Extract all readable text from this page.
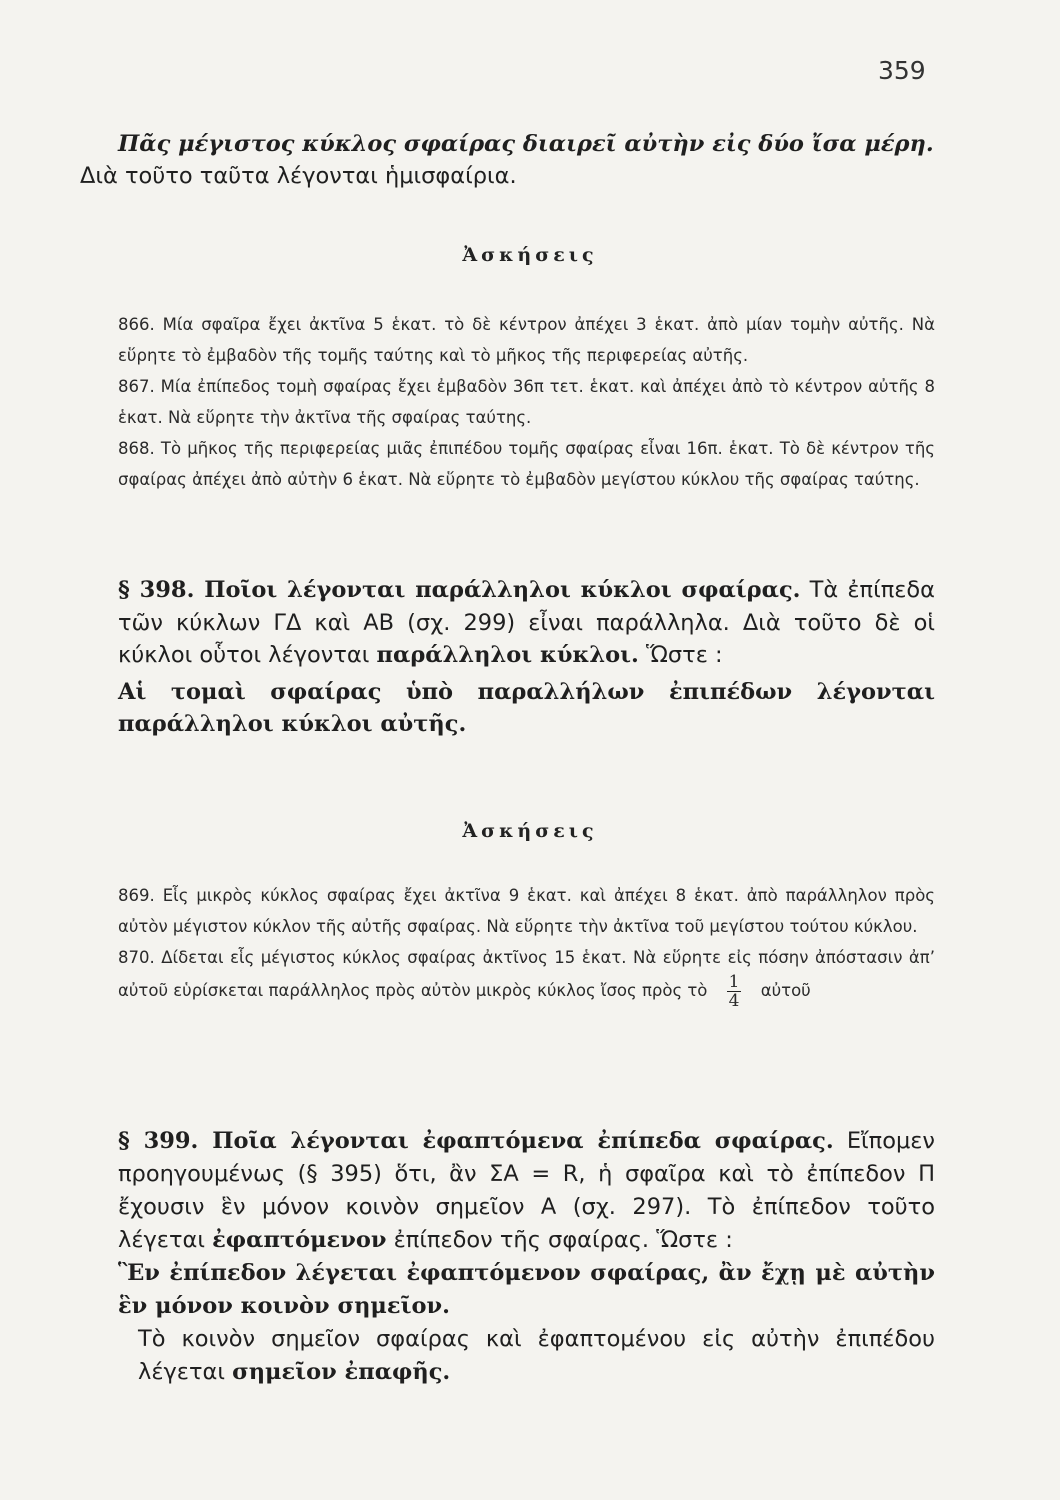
359

Πᾶς μέγιστος κύκλος σφαίρας διαιρεῖ αὐτὴν εἰς δύο ἴσα μέρη.

Διὰ τοῦτο ταῦτα λέγονται ἡμισφαίρια.

Ἀσκήσεις

866. Μία σφαῖρα ἔχει ἀκτῖνα 5 ἑκατ. τὸ δὲ κέντρον ἀπέχει 3 ἑκατ. ἀπὸ μίαν τομὴν αὐτῆς. Νὰ εὕρητε τὸ ἐμβαδὸν τῆς τομῆς ταύτης καὶ τὸ μῆκος τῆς περιφερείας αὐτῆς.

867. Μία ἐπίπεδος τομὴ σφαίρας ἔχει ἐμβαδὸν 36π τετ. ἑκατ. καὶ ἀπέχει ἀπὸ τὸ κέντρον αὐτῆς 8 ἑκατ. Νὰ εὕρητε τὴν ἀκτῖνα τῆς σφαίρας ταύτης.

868. Τὸ μῆκος τῆς περιφερείας μιᾶς ἐπιπέδου τομῆς σφαίρας εἶναι 16π. ἑκατ. Τὸ δὲ κέντρον τῆς σφαίρας ἀπέχει ἀπὸ αὐτὴν 6 ἑκατ. Νὰ εὕρητε τὸ ἐμβαδὸν μεγίστου κύκλου τῆς σφαίρας ταύτης.

§ 398. Ποῖοι λέγονται παράλληλοι κύκλοι σφαίρας. Τὰ ἐπίπεδα τῶν κύκλων ΓΔ καὶ ΑΒ (σχ. 299) εἶναι παράλληλα. Διὰ τοῦτο δὲ οἱ κύκλοι οὗτοι λέγονται παράλληλοι κύκλοι. Ὥστε :

Αἱ τομαὶ σφαίρας ὑπὸ παραλλήλων ἐπιπέδων λέγονται παράλληλοι κύκλοι αὐτῆς.

Ἀσκήσεις

869. Εἷς μικρὸς κύκλος σφαίρας ἔχει ἀκτῖνα 9 ἑκατ. καὶ ἀπέχει 8 ἑκατ. ἀπὸ παράλληλον πρὸς αὐτὸν μέγιστον κύκλον τῆς αὐτῆς σφαίρας. Νὰ εὕρητε τὴν ἀκτῖνα τοῦ μεγίστου τούτου κύκλου.

870. Δίδεται εἷς μέγιστος κύκλος σφαίρας ἀκτῖνος 15 ἑκατ. Νὰ εὕρητε εἰς πόσην ἀπόστασιν ἀπ’ αὐτοῦ εὑρίσκεται παράλληλος πρὸς αὐτὸν μικρὸς κύκλος ἴσος πρὸς τὸ $\frac{1}{4}$ αὐτοῦ

§ 399. Ποῖα λέγονται ἐφαπτόμενα ἐπίπεδα σφαίρας. Εἴπομεν προηγουμένως (§ 395) ὅτι, ἂν ΣΑ = R, ἡ σφαῖρα καὶ τὸ ἐπίπεδον Π ἔχουσιν ἓν μόνον κοινὸν σημεῖον Α (σχ. 297). Τὸ ἐπίπεδον τοῦτο λέγεται ἐφαπτόμενον ἐπίπεδον τῆς σφαίρας. Ὥστε :

Ἓν ἐπίπεδον λέγεται ἐφαπτόμενον σφαίρας, ἂν ἔχῃ μὲ αὐτὴν ἓν μόνον κοινὸν σημεῖον.

Τὸ κοινὸν σημεῖον σφαίρας καὶ ἐφαπτομένου εἰς αὐτὴν ἐπιπέδου λέγεται σημεῖον ἐπαφῆς.
